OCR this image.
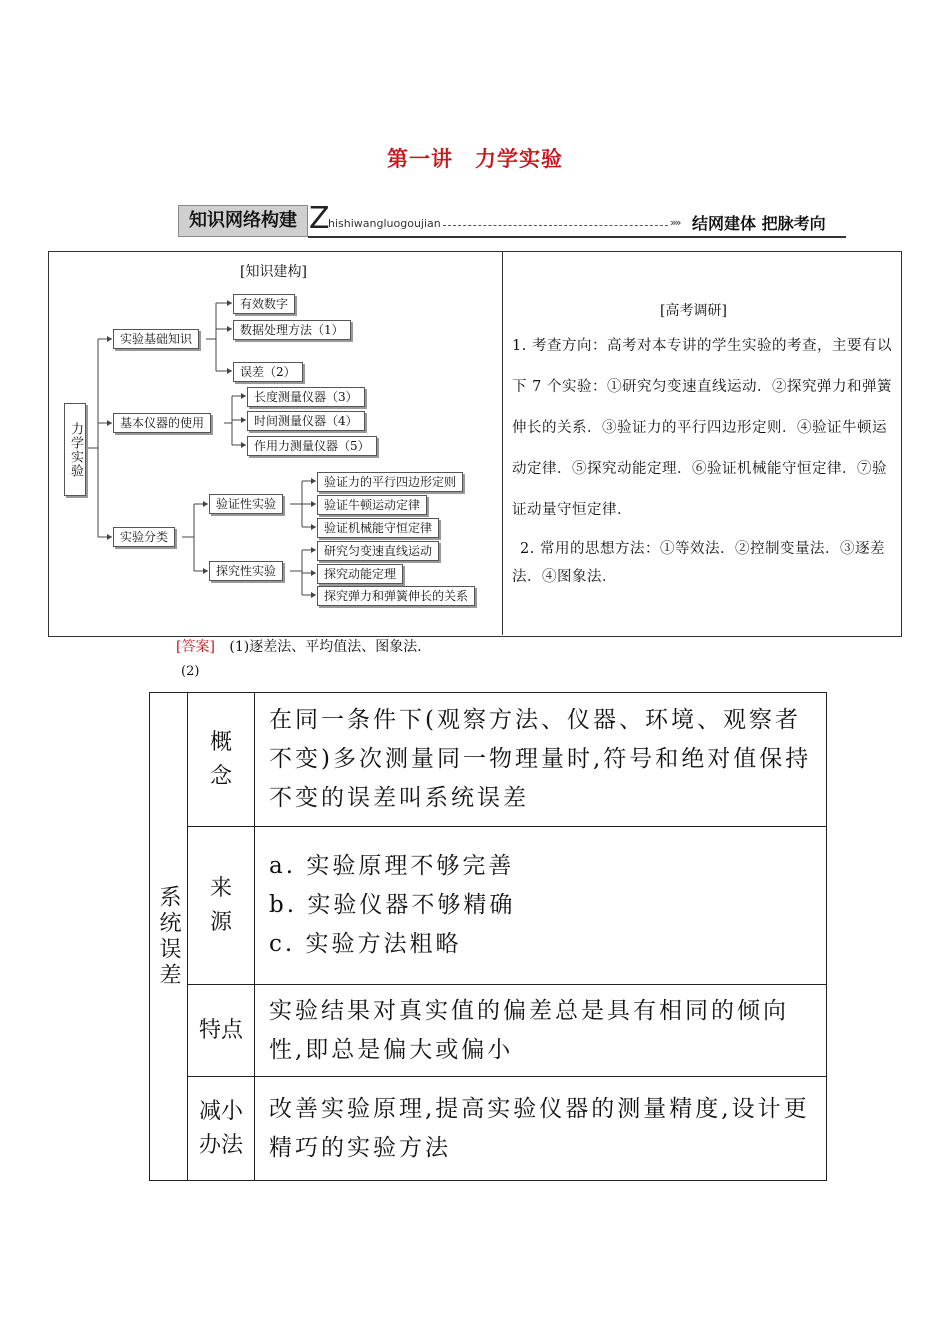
第一讲　力学实验
知识网络构建 Z
hishiwangluogoujian	»» 结网建体 把脉考向
[知识建构]
力学实验
实验基础知识
有效数字
数据处理方法（1）
误差（2）
基本仪器的使用
长度测量仪器（3）
时间测量仪器（4）
作用力测量仪器（5）
实验分类
验证性实验
验证力的平行四边形定则
验证牛顿运动定律
验证机械能守恒定律
探究性实验
研究匀变速直线运动
探究动能定理
探究弹力和弹簧伸长的关系
[高考调研]

1. 考查方向：高考对本专讲的学生实验的考查，主要有以下 7 个实验：①研究匀变速直线运动．②探究弹力和弹簧伸长的关系．③验证力的平行四边形定则．④验证牛顿运动定律．⑤探究动能定理．⑥验证机械能守恒定律．⑦验证动量守恒定律．

2. 常用的思想方法：①等效法．②控制变量法．③逐差法．④图象法．

[答案] (1)逐差法、平均值法、图象法．
(2)
系统误差	概念	在同一条件下(观察方法、仪器、环境、观察者不变)多次测量同一物理量时,符号和绝对值保持不变的误差叫系统误差

	来源	a. 实验原理不够完善
b. 实验仪器不够精确
c. 实验方法粗略

	特点	实验结果对真实值的偏差总是具有相同的倾向性,即总是偏大或偏小

	减小办法	改善实验原理,提高实验仪器的测量精度,设计更精巧的实验方法
